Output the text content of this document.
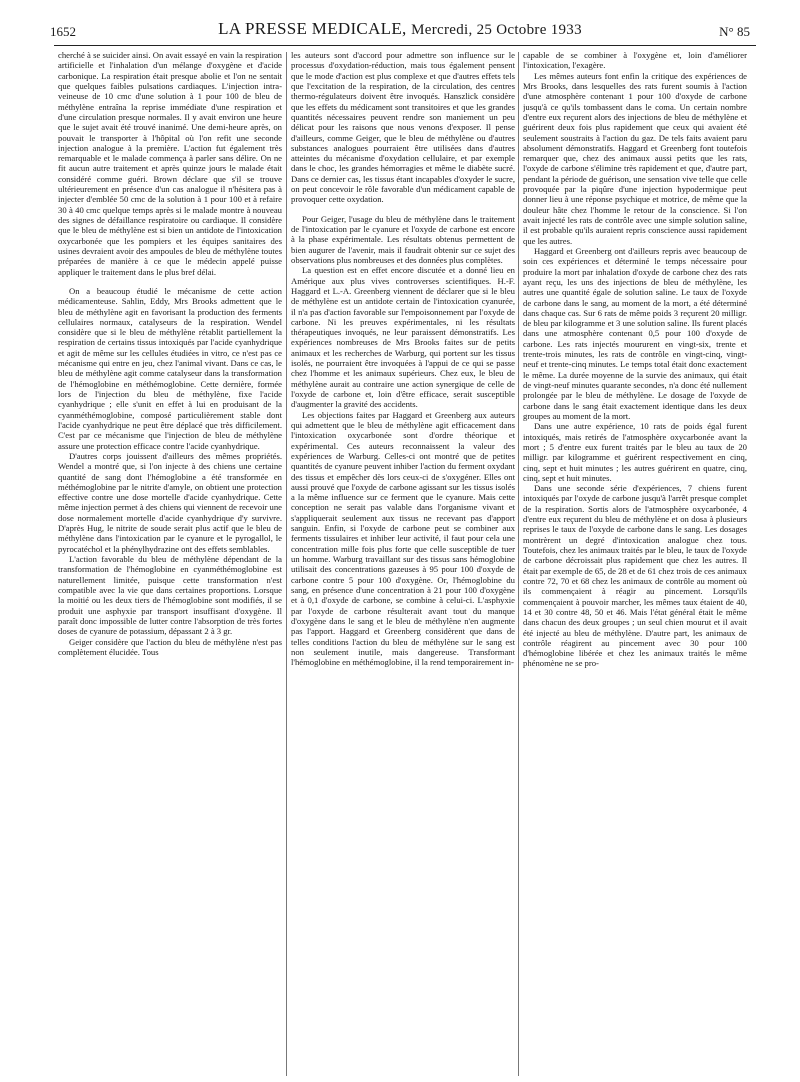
1652	LA PRESSE MEDICALE, Mercredi, 25 Octobre 1933	N° 85

cherché à se suicider ainsi. On avait essayé en vain la respiration artificielle et l'inhalation d'un mélange d'oxygène et d'acide carbonique. La respiration était presque abolie et l'on ne sentait que quelques faibles pulsations cardiaques. L'injection intra-veineuse de 10 cmc d'une solution à 1 pour 100 de bleu de méthylène entraîna la reprise immédiate d'une respiration et d'une circulation presque normales. Il y avait environ une heure que le sujet avait été trouvé inanimé. Une demi-heure après, on pouvait le transporter à l'hôpital où l'on refit une seconde injection analogue à la première. L'action fut également très remarquable et le malade commença à parler sans délire. On ne fit aucun autre traitement et après quinze jours le malade était considéré comme guéri. Brown déclare que s'il se trouve ultérieurement en présence d'un cas analogue il n'hésitera pas à injecter d'emblée 50 cmc de la solution à 1 pour 100 et à refaire 30 à 40 cmc quelque temps après si le malade montre à nouveau des signes de défaillance respiratoire ou cardiaque. Il considère que le bleu de méthylène est si bien un antidote de l'intoxication oxycarbonée que les pompiers et les équipes sanitaires des usines devraient avoir des ampoules de bleu de méthylène toutes préparées de manière à ce que le médecin appelé puisse appliquer le traitement dans le plus bref délai.

On a beaucoup étudié le mécanisme de cette action médicamenteuse. Sahlin, Eddy, Mrs Brooks admettent que le bleu de méthylène agit en favorisant la production des ferments cellulaires normaux, catalyseurs de la respiration. Wendel considère que si le bleu de méthylène rétablit partiellement la respiration de certains tissus intoxiqués par l'acide cyanhydrique et agit de même sur les cellules étudiées in vitro, ce n'est pas ce mécanisme qui entre en jeu, chez l'animal vivant. Dans ce cas, le bleu de méthylène agit comme catalyseur dans la transformation de l'hémoglobine en méthémoglobine. Cette dernière, formée lors de l'injection du bleu de méthylène, fixe l'acide cyanhydrique ; elle s'unit en effet à lui en produisant de la cyanméthémoglobine, composé particulièrement stable dont l'acide cyanhydrique ne peut être déplacé que très difficilement. C'est par ce mécanisme que l'injection de bleu de méthylène assure une protection efficace contre l'acide cyanhydrique.

D'autres corps jouissent d'ailleurs des mêmes propriétés. Wendel a montré que, si l'on injecte à des chiens une certaine quantité de sang dont l'hémoglobine a été transformée en méthémoglobine par le nitrite d'amyle, on obtient une protection effective contre une dose mortelle d'acide cyanhydrique. Cette même injection permet à des chiens qui viennent de recevoir une dose normalement mortelle d'acide cyanhydrique d'y survivre. D'après Hug, le nitrite de soude serait plus actif que le bleu de méthylène dans l'intoxication par le cyanure et le pyrogallol, le pyrocatéchol et la phénylhydrazine ont des effets semblables.

L'action favorable du bleu de méthylène dépendant de la transformation de l'hémoglobine en cyanméthémoglobine est naturellement limitée, puisque cette transformation n'est compatible avec la vie que dans certaines proportions. Lorsque la moitié ou les deux tiers de l'hémoglobine sont modifiés, il se produit une asphyxie par transport insuffisant d'oxygène. Il paraît donc impossible de lutter contre l'absorption de très fortes doses de cyanure de potassium, dépassant 2 à 3 gr.

Geiger considère que l'action du bleu de méthylène n'est pas complètement élucidée. Tous

les auteurs sont d'accord pour admettre son influence sur le processus d'oxydation-réduction, mais tous également pensent que le mode d'action est plus complexe et que d'autres effets tels que l'excitation de la respiration, de la circulation, des centres thermo-régulateurs doivent être invoqués. Hanszlick considère que les effets du médicament sont transitoires et que les grandes quantités nécessaires peuvent rendre son maniement un peu délicat pour les raisons que nous venons d'exposer. Il pense d'ailleurs, comme Geiger, que le bleu de méthylène ou d'autres substances analogues pourraient être utilisées dans d'autres atteintes du mécanisme d'oxydation cellulaire, et par exemple dans le choc, les grandes hémorragies et même le diabète sucré. Dans ce dernier cas, les tissus étant incapables d'oxyder le sucre, on peut concevoir le rôle favorable d'un médicament capable de provoquer cette oxydation.

Pour Geiger, l'usage du bleu de méthylène dans le traitement de l'intoxication par le cyanure et l'oxyde de carbone est encore à la phase expérimentale. Les résultats obtenus permettent de bien augurer de l'avenir, mais il faudrait obtenir sur ce sujet des observations plus nombreuses et des données plus complètes.

La question est en effet encore discutée et a donné lieu en Amérique aux plus vives controverses scientifiques. H.-F. Haggard et L.-A. Greenberg viennent de déclarer que si le bleu de méthylène est un antidote certain de l'intoxication cyanurée, il n'a pas d'action favorable sur l'empoisonnement par l'oxyde de carbone. Ni les preuves expérimentales, ni les résultats thérapeutiques invoqués, ne leur paraissent démonstratifs. Les expériences nombreuses de Mrs Brooks faites sur de petits animaux et les recherches de Warburg, qui portent sur les tissus isolés, ne pourraient être invoquées à l'appui de ce qui se passe chez l'homme et les animaux supérieurs. Chez eux, le bleu de méthylène aurait au contraire une action synergique de celle de l'oxyde de carbone et, loin d'être efficace, serait susceptible d'augmenter la gravité des accidents.

Les objections faites par Haggard et Greenberg aux auteurs qui admettent que le bleu de méthylène agit efficacement dans l'intoxication oxycarbonée sont d'ordre théorique et expérimental. Ces auteurs reconnaissent la valeur des expériences de Warburg. Celles-ci ont montré que de petites quantités de cyanure peuvent inhiber l'action du ferment oxydant des tissus et empêcher dès lors ceux-ci de s'oxygéner. Elles ont aussi prouvé que l'oxyde de carbone agissant sur les tissus isolés a la même influence sur ce ferment que le cyanure. Mais cette conception ne serait pas valable dans l'organisme vivant et s'appliquerait seulement aux tissus ne recevant pas d'apport sanguin. Enfin, si l'oxyde de carbone peut se combiner aux ferments tissulaires et inhiber leur activité, il faut pour cela une concentration mille fois plus forte que celle susceptible de tuer un homme. Warburg travaillant sur des tissus sans hémoglobine utilisait des concentrations gazeuses à 95 pour 100 d'oxyde de carbone contre 5 pour 100 d'oxygène. Or, l'hémoglobine du sang, en présence d'une concentration à 21 pour 100 d'oxygène et à 0,1 d'oxyde de carbone, se combine à celui-ci. L'asphyxie par l'oxyde de carbone résulterait avant tout du manque d'oxygène dans le sang et le bleu de méthylène n'en augmente pas l'apport. Haggard et Greenberg considèrent que dans de telles conditions l'action du bleu de méthylène sur le sang est non seulement inutile, mais dangereuse. Transformant l'hémoglobine en méthémoglobine, il la rend temporairement in-

capable de se combiner à l'oxygène et, loin d'améliorer l'intoxication, l'exagère.

Les mêmes auteurs font enfin la critique des expériences de Mrs Brooks, dans lesquelles des rats furent soumis à l'action d'une atmosphère contenant 1 pour 100 d'oxyde de carbone jusqu'à ce qu'ils tombassent dans le coma. Un certain nombre d'entre eux reçurent alors des injections de bleu de méthylène et guérirent deux fois plus rapidement que ceux qui avaient été seulement soustraits à l'action du gaz. De tels faits avaient paru absolument démonstratifs. Haggard et Greenberg font toutefois remarquer que, chez des animaux aussi petits que les rats, l'oxyde de carbone s'élimine très rapidement et que, d'autre part, pendant la période de guérison, une sensation vive telle que celle provoquée par la piqûre d'une injection hypodermique peut donner lieu à une réponse psychique et motrice, de même que la douleur hâte chez l'homme le retour de la conscience. Si l'on avait injecté les rats de contrôle avec une simple solution saline, il est probable qu'ils auraient repris conscience aussi rapidement que les autres.

Haggard et Greenberg ont d'ailleurs repris avec beaucoup de soin ces expériences et déterminé le temps nécessaire pour produire la mort par inhalation d'oxyde de carbone chez des rats ayant reçu, les uns des injections de bleu de méthylène, les autres une quantité égale de solution saline. Le taux de l'oxyde de carbone dans le sang, au moment de la mort, a été déterminé dans chaque cas. Sur 6 rats de même poids 3 reçurent 20 milligr. de bleu par kilogramme et 3 une solution saline. Ils furent placés dans une atmosphère contenant 0,5 pour 100 d'oxyde de carbone. Les rats injectés moururent en vingt-six, trente et trente-trois minutes, les rats de contrôle en vingt-cinq, vingt-neuf et trente-cinq minutes. Le temps total était donc exactement le même. La durée moyenne de la survie des animaux, qui était de vingt-neuf minutes quarante secondes, n'a donc été nullement prolongée par le bleu de méthylène. Le dosage de l'oxyde de carbone dans le sang était exactement identique dans les deux groupes au moment de la mort.

Dans une autre expérience, 10 rats de poids égal furent intoxiqués, mais retirés de l'atmosphère oxycarbonée avant la mort ; 5 d'entre eux furent traités par le bleu au taux de 20 milligr. par kilogramme et guérirent respectivement en cinq, cinq, sept et huit minutes ; les autres guérirent en quatre, cinq, cinq, sept et huit minutes.

Dans une seconde série d'expériences, 7 chiens furent intoxiqués par l'oxyde de carbone jusqu'à l'arrêt presque complet de la respiration. Sortis alors de l'atmosphère oxycarbonée, 4 d'entre eux reçurent du bleu de méthylène et on dosa à plusieurs reprises le taux de l'oxyde de carbone dans le sang. Les dosages montrèrent un degré d'intoxication analogue chez tous. Toutefois, chez les animaux traités par le bleu, le taux de l'oxyde de carbone décroissait plus rapidement que chez les autres. Il était par exemple de 65, de 28 et de 61 chez trois de ces animaux contre 72, 70 et 68 chez les animaux de contrôle au moment où ils commençaient à réagir au pincement. Lorsqu'ils commençaient à pouvoir marcher, les mêmes taux étaient de 40, 14 et 30 contre 48, 50 et 46. Mais l'état général était le même dans chacun des deux groupes ; un seul chien mourut et il avait été injecté au bleu de méthylène. D'autre part, les animaux de contrôle réagirent au pincement avec 30 pour 100 d'hémoglobine libérée et chez les animaux traités le même phénomène ne se pro-
